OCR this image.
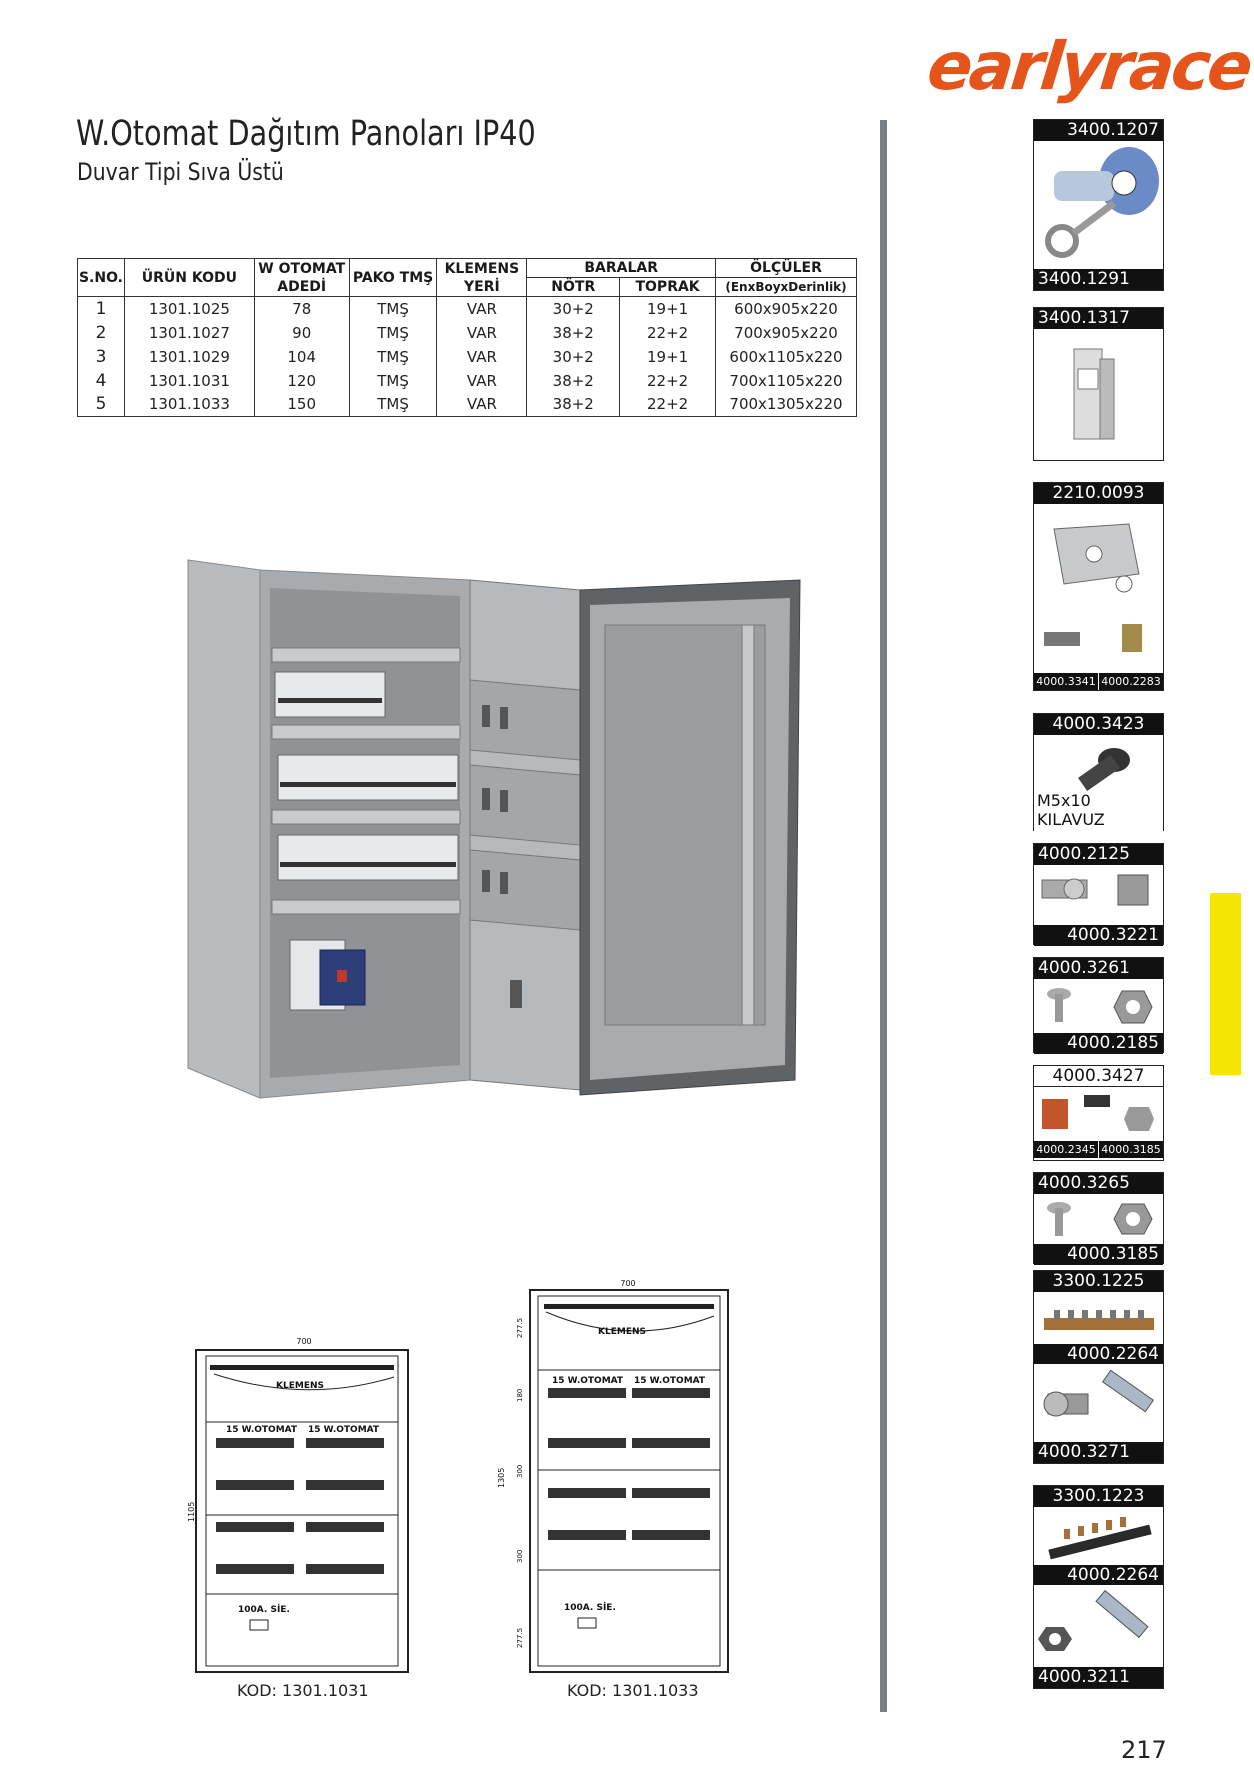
earlyrace
W.Otomat Dağıtım Panoları IP40
Duvar Tipi Sıva Üstü
S.NO.	ÜRÜN KODU	W OTOMAT ADEDİ	PAKO TMŞ	KLEMENS YERİ	BARALAR		ÖLÇÜLER
					NÖTR	TOPRAK	(EnxBoyxDerinlik)
1	1301.1025	78	TMŞ	VAR	30+2	19+1	600x905x220
2	1301.1027	90	TMŞ	VAR	38+2	22+2	700x905x220
3	1301.1029	104	TMŞ	VAR	30+2	19+1	600x1105x220
4	1301.1031	120	TMŞ	VAR	38+2	22+2	700x1105x220
5	1301.1033	150	TMŞ	VAR	38+2	22+2	700x1305x220
700
1105
KLEMENS
15 W.OTOMAT 15 W.OTOMAT
100A. SİE.
KOD: 1301.1031
700
1305
277.5
180
300
300
277.5
KLEMENS
15 W.OTOMAT 15 W.OTOMAT
100A. SİE.
KOD: 1301.1033
3400.1207
3400.1291
3400.1317
2210.0093
4000.3341 4000.2283
4000.3423
M5x10 KILAVUZ
4000.2125
4000.3221
4000.3261
4000.2185
4000.3427
4000.2345 4000.3185
4000.3265
4000.3185
3300.1225
4000.2264
4000.3271
3300.1223
4000.2264
4000.3211
217
